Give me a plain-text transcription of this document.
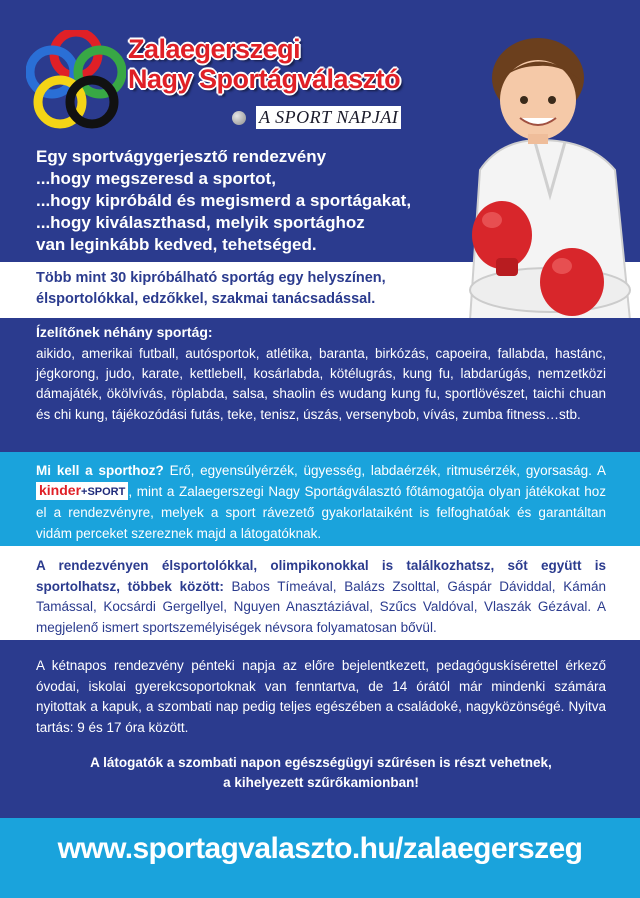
Zalaegerszegi
Nagy Sportágválasztó
A SPORT NAPJAI
Egy sportvágygerjesztő rendezvény
...hogy megszeresd a sportot,
...hogy kipróbáld és megismerd a sportágakat,
...hogy kiválaszthasd, melyik sportághoz
van leginkább kedved, tehetséged.
Több mint 30 kipróbálható sportág egy helyszínen,
élsportolókkal, edzőkkel, szakmai tanácsadással.
Ízelítőnek néhány sportág:
aikido, amerikai futball, autósportok, atlétika, baranta, birkózás, capoeira, fallabda, hastánc, jégkorong, judo, karate, kettlebell, kosárlabda, kötélugrás, kung fu, labdarúgás, nemzetközi dámajáték, ökölvívás, röplabda, salsa, shaolin és wudang kung fu, sportlövészet, taichi chuan és chi kung, tájékozódási futás, teke, tenisz, úszás, versenybob, vívás, zumba fitness…stb.
Mi kell a sporthoz? Erő, egyensúlyérzék, ügyesség, labdaérzék, ritmusérzék, gyorsaság. A kinder+SPORT , mint a Zalaegerszegi Nagy Sportágválasztó főtámogatója olyan játékokat hoz el a rendezvényre, melyek a sport rávezető gyakorlataiként is felfoghatóak és garantáltan vidám perceket szereznek majd a látogatóknak.
A rendezvényen élsportolókkal, olimpikonokkal is találkozhatsz, sőt együtt is sportolhatsz, többek között: Babos Tímeával, Balázs Zsolttal, Gáspár Dáviddal, Kámán Tamással, Kocsárdi Gergellyel, Nguyen Anasztáziával, Szűcs Valdóval, Vlaszák Gézával. A megjelenő ismert sportszemélyiségek névsora folyamatosan bővül.
A kétnapos rendezvény pénteki napja az előre bejelentkezett, pedagóguskísérettel érkező óvodai, iskolai gyerekcsoportoknak van fenntartva, de 14 órától már mindenki számára nyitottak a kapuk, a szombati nap pedig teljes egészében a családoké, nagyközönségé. Nyitva tartás: 9 és 17 óra között.
A látogatók a szombati napon egészségügyi szűrésen is részt vehetnek,
a kihelyezett szűrőkamionban!
www.sportagvalaszto.hu/zalaegerszeg
